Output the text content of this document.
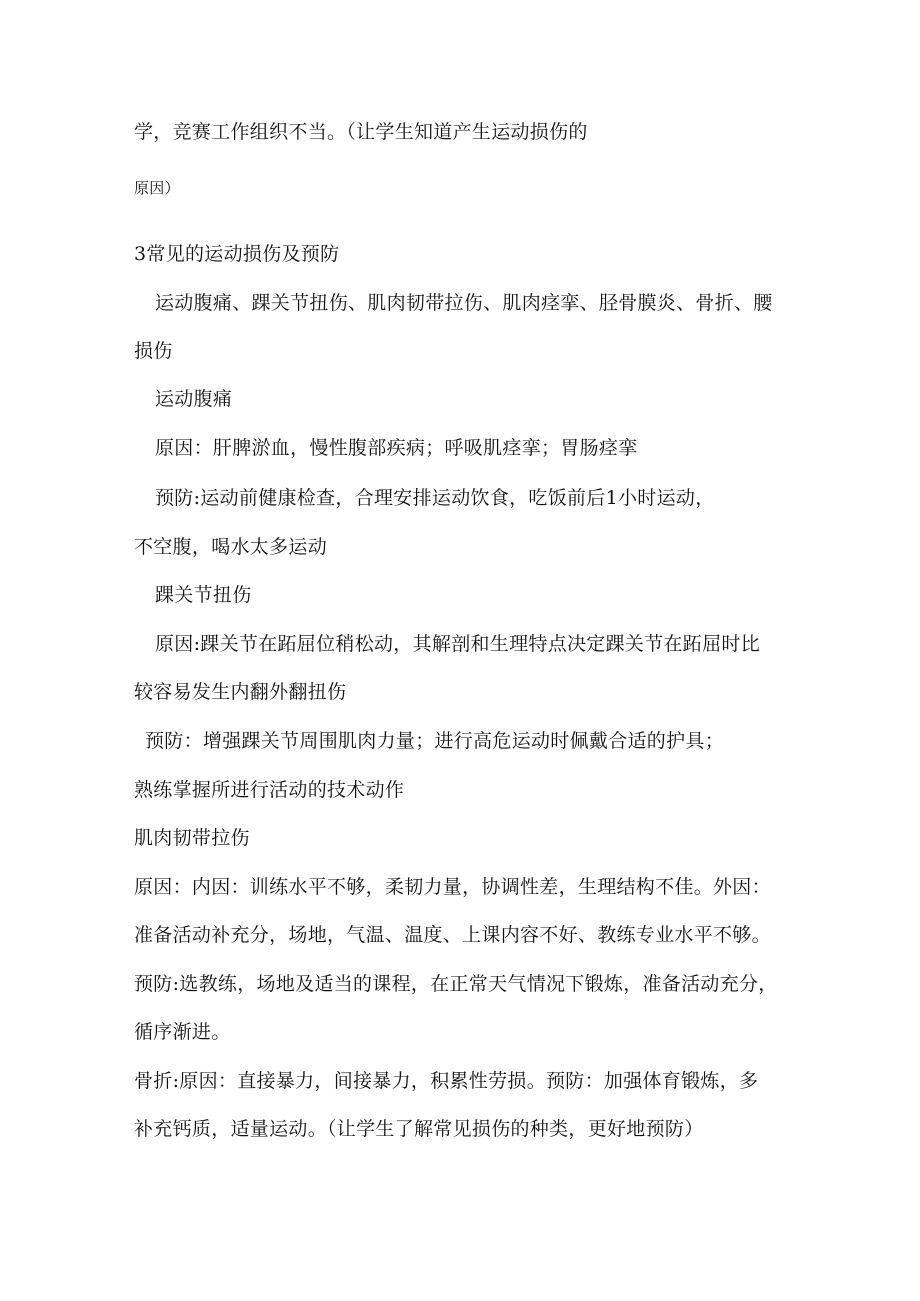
学，竞赛工作组织不当。（让学生知道产生运动损伤的
原因）
3常见的运动损伤及预防
运动腹痛、踝关节扭伤、肌肉韧带拉伤、肌肉痉挛、胫骨膜炎、骨折、腰
损伤
运动腹痛
原因：肝脾淤血，慢性腹部疾病；呼吸肌痉挛；胃肠痉挛
预防:运动前健康检查，合理安排运动饮食，吃饭前后1小时运动，
不空腹，喝水太多运动
踝关节扭伤
原因:踝关节在跖屈位稍松动，其解剖和生理特点决定踝关节在跖屈时比
较容易发生内翻外翻扭伤
预防：增强踝关节周围肌肉力量；进行高危运动时佩戴合适的护具；
熟练掌握所进行活动的技术动作
肌肉韧带拉伤
原因：内因：训练水平不够，柔韧力量，协调性差，生理结构不佳。外因：
准备活动补充分，场地，气温、温度、上课内容不好、教练专业水平不够。
预防:选教练，场地及适当的课程，在正常天气情况下锻炼，准备活动充分，
循序渐进。
骨折:原因：直接暴力，间接暴力，积累性劳损。预防：加强体育锻炼，多
补充钙质，适量运动。（让学生了解常见损伤的种类，更好地预防）
